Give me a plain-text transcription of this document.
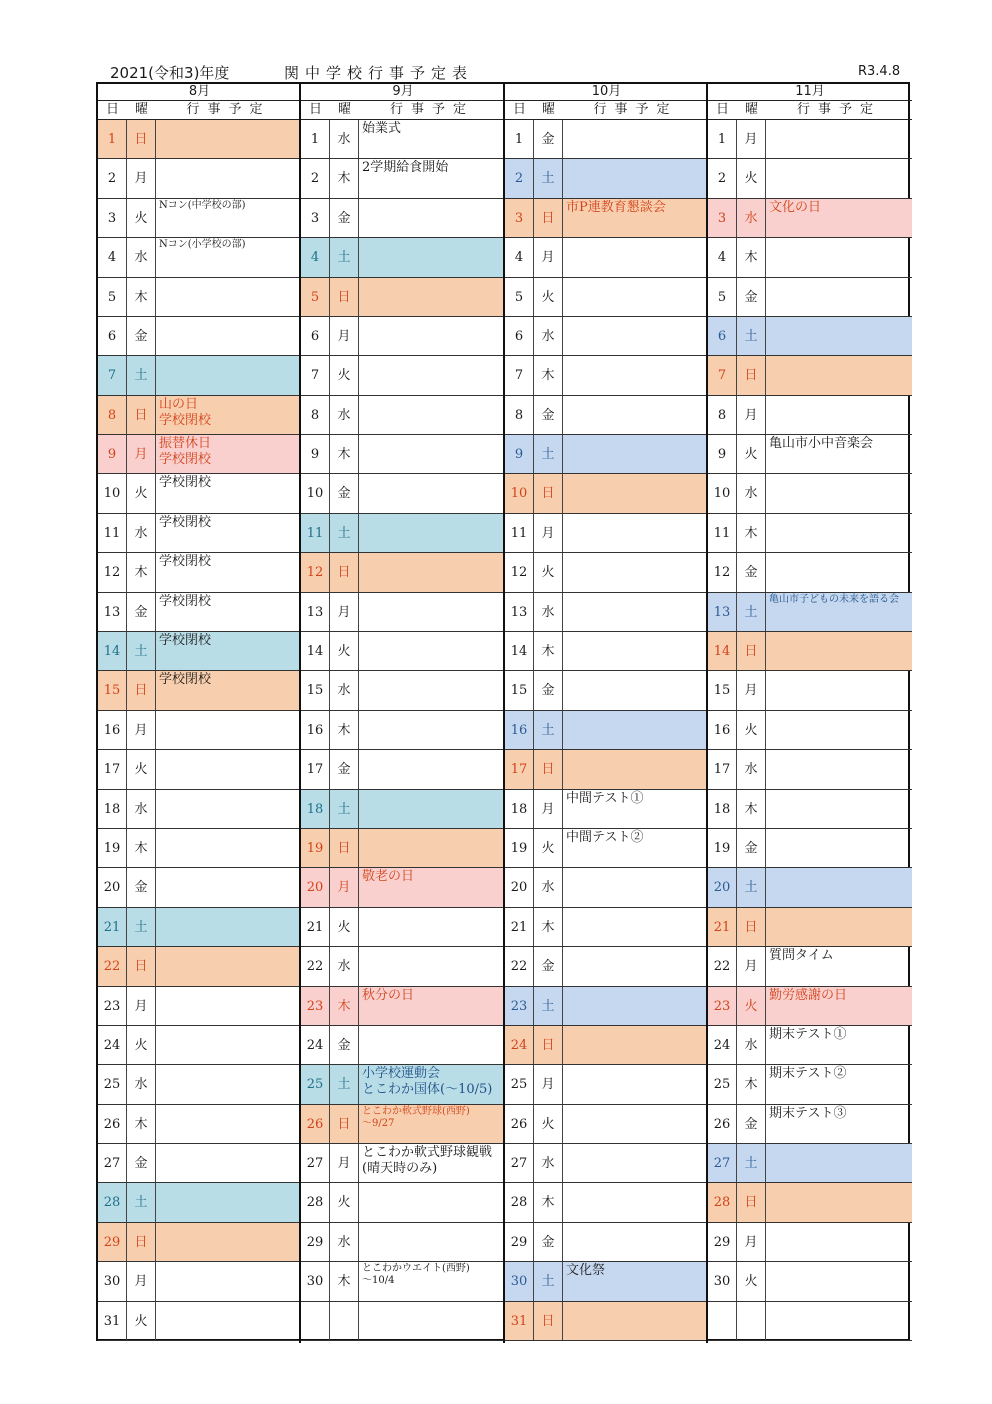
2021(令和3)年度	関中学校行事予定表	R3.4.8
8月
日	曜	行事予定
1	日
2	月
3	火
Nコン(中学校の部)
4	水
Nコン(小学校の部)
5	木
6	金
7	土
8	日
山の日
学校閉校
9	月
振替休日
学校閉校
10	火
学校閉校
11	水
学校閉校
12	木
学校閉校
13	金
学校閉校
14	土
学校閉校
15	日
学校閉校
16	月
17	火
18	水
19	木
20	金
21	土
22	日
23	月
24	火
25	水
26	木
27	金
28	土
29	日
30	月
31	火
9月
日	曜	行事予定
1	水
始業式
2	木
2学期給食開始
3	金
4	土
5	日
6	月
7	火
8	水
9	木
10	金
11	土
12	日
13	月
14	火
15	水
16	木
17	金
18	土
19	日
20	月
敬老の日
21	火
22	水
23	木
秋分の日
24	金
25	土
小学校運動会
とこわか国体(～10/5)
26	日
とこわか軟式野球(西野)
～9/27
27	月
とこわか軟式野球観戦
(晴天時のみ)
28	火
29	水
30	木
とこわかウエイト(西野)
～10/4
10月
日	曜	行事予定
1	金
2	土
3	日
市P連教育懇談会
4	月
5	火
6	水
7	木
8	金
9	土
10	日
11	月
12	火
13	水
14	木
15	金
16	土
17	日
18	月
中間テスト①
19	火
中間テスト②
20	水
21	木
22	金
23	土
24	日
25	月
26	火
27	水
28	木
29	金
30	土
文化祭
31	日
11月
日	曜	行事予定
1	月
2	火
3	水
文化の日
4	木
5	金
6	土
7	日
8	月
9	火
亀山市小中音楽会
10	水
11	木
12	金
13	土
亀山市子どもの未来を語る会
14	日
15	月
16	火
17	水
18	木
19	金
20	土
21	日
22	月
質問タイム
23	火
勤労感謝の日
24	水
期末テスト①
25	木
期末テスト②
26	金
期末テスト③
27	土
28	日
29	月
30	火
